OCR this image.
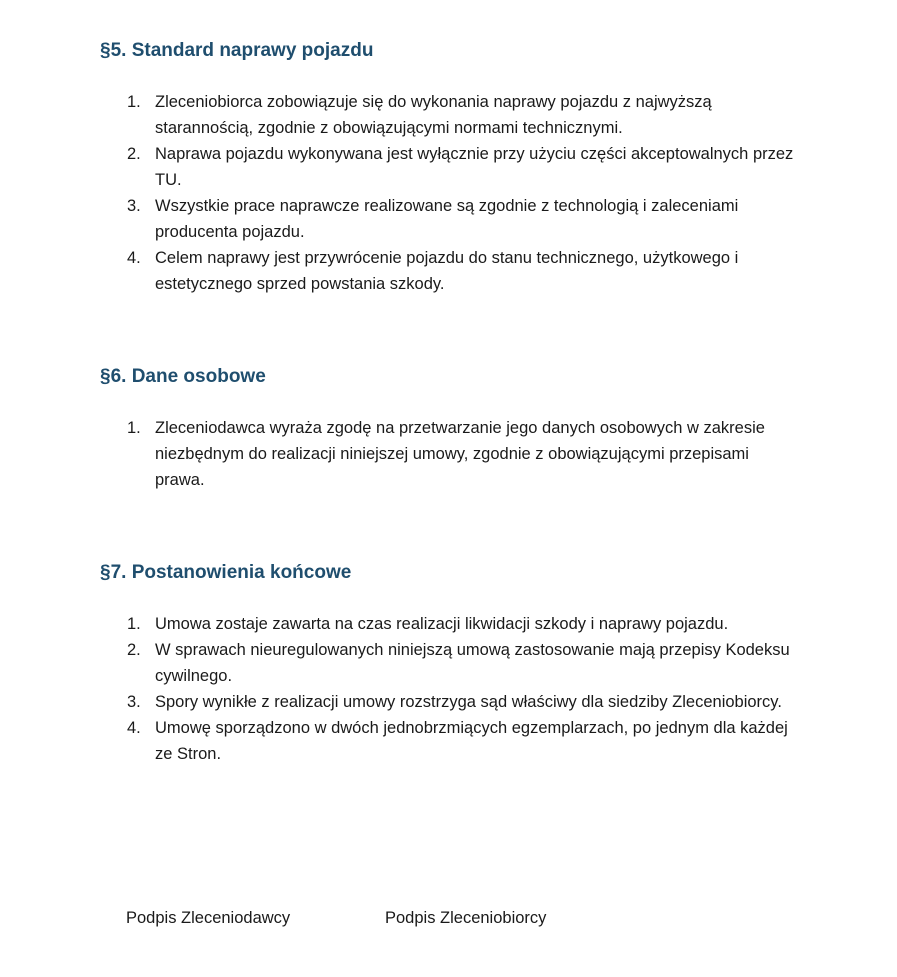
§5. Standard naprawy pojazdu
1. Zleceniobiorca zobowiązuje się do wykonania naprawy pojazdu z najwyższą starannością, zgodnie z obowiązującymi normami technicznymi.
2. Naprawa pojazdu wykonywana jest wyłącznie przy użyciu części akceptowalnych przez TU.
3. Wszystkie prace naprawcze realizowane są zgodnie z technologią i zaleceniami producenta pojazdu.
4. Celem naprawy jest przywrócenie pojazdu do stanu technicznego, użytkowego i estetycznego sprzed powstania szkody.
§6. Dane osobowe
1. Zleceniodawca wyraża zgodę na przetwarzanie jego danych osobowych w zakresie niezbędnym do realizacji niniejszej umowy, zgodnie z obowiązującymi przepisami prawa.
§7. Postanowienia końcowe
1. Umowa zostaje zawarta na czas realizacji likwidacji szkody i naprawy pojazdu.
2. W sprawach nieuregulowanych niniejszą umową zastosowanie mają przepisy Kodeksu cywilnego.
3. Spory wynikłe z realizacji umowy rozstrzyga sąd właściwy dla siedziby Zleceniobiorcy.
4. Umowę sporządzono w dwóch jednobrzmiących egzemplarzach, po jednym dla każdej ze Stron.
Podpis Zleceniodawcy	Podpis Zleceniobiorcy
